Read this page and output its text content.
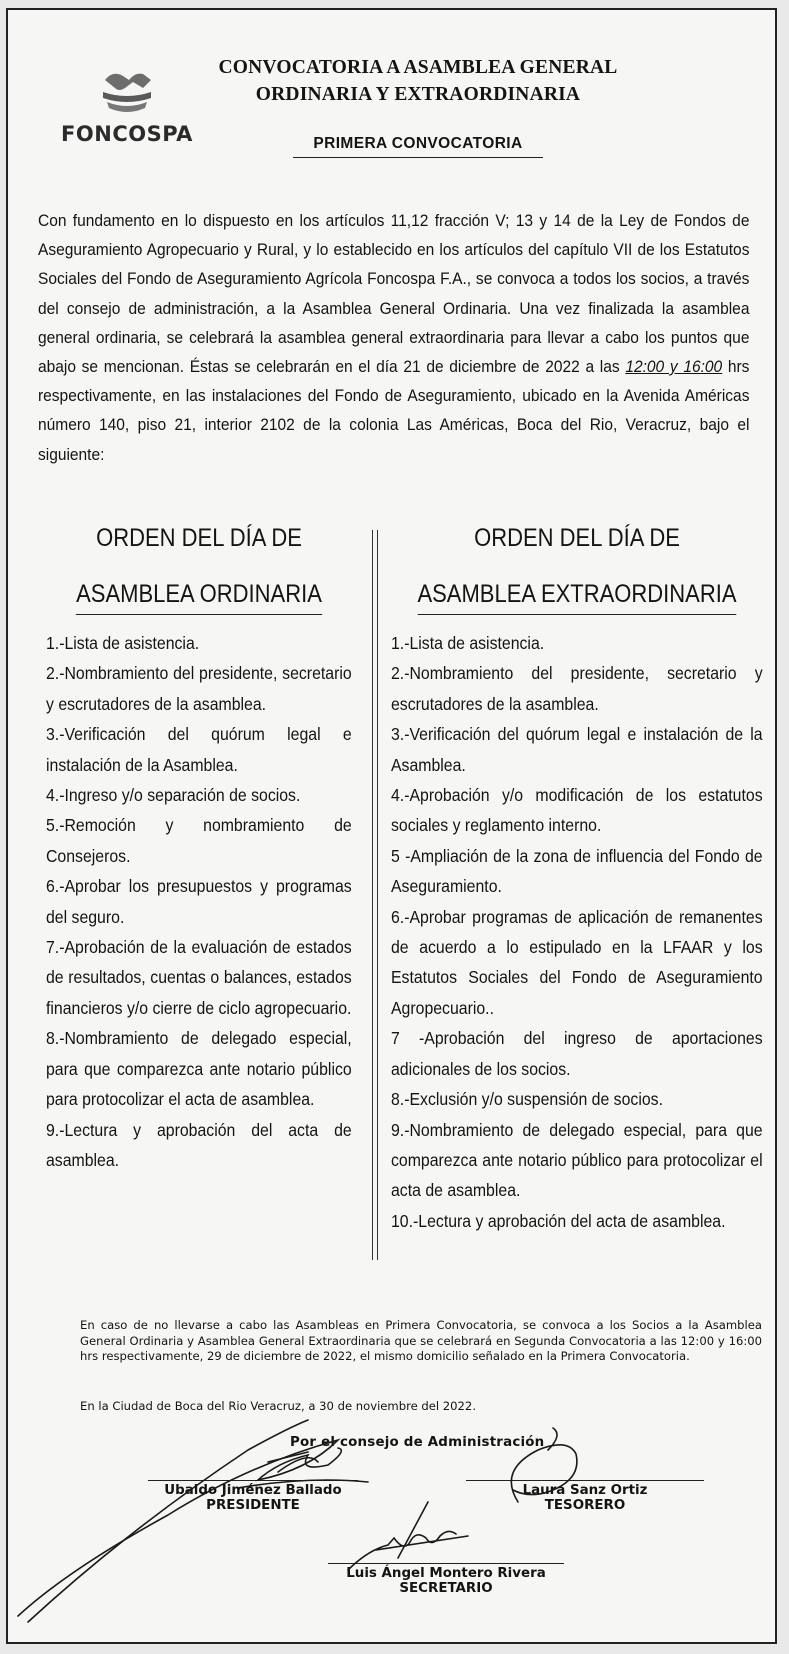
FONCOSPA
CONVOCATORIA A ASAMBLEA GENERAL
ORDINARIA Y EXTRAORDINARIA
PRIMERA CONVOCATORIA
Con fundamento en lo dispuesto en los artículos 11,12 fracción V; 13 y 14 de la Ley de Fondos de Aseguramiento Agropecuario y Rural, y lo establecido en los artículos del capítulo VII de los Estatutos Sociales del Fondo de Aseguramiento Agrícola Foncospa F.A., se convoca a todos los socios, a través del consejo de administración, a la Asamblea General Ordinaria. Una vez finalizada la asamblea general ordinaria, se celebrará la asamblea general extraordinaria para llevar a cabo los puntos que abajo se mencionan. Éstas se celebrarán en el día 21 de diciembre de 2022 a las 12:00 y 16:00 hrs respectivamente, en las instalaciones del Fondo de Aseguramiento, ubicado en la Avenida Américas número 140, piso 21, interior 2102 de la colonia Las Américas, Boca del Rio, Veracruz, bajo el siguiente:
ORDEN DEL DÍA DE
ASAMBLEA ORDINARIA
1.-Lista de asistencia.
2.-Nombramiento del presidente, secretario y escrutadores de la asamblea.
3.-Verificación del quórum legal e instalación de la Asamblea.
4.-Ingreso y/o separación de socios.
5.-Remoción y nombramiento de Consejeros.
6.-Aprobar los presupuestos y programas del seguro.
7.-Aprobación de la evaluación de estados de resultados, cuentas o balances, estados financieros y/o cierre de ciclo agropecuario.
8.-Nombramiento de delegado especial, para que comparezca ante notario público para protocolizar el acta de asamblea.
9.-Lectura y aprobación del acta de asamblea.
ORDEN DEL DÍA DE
ASAMBLEA EXTRAORDINARIA
1.-Lista de asistencia.
2.-Nombramiento del presidente, secretario y escrutadores de la asamblea.
3.-Verificación del quórum legal e instalación de la Asamblea.
4.-Aprobación y/o modificación de los estatutos sociales y reglamento interno.
5 -Ampliación de la zona de influencia del Fondo de Aseguramiento.
6.-Aprobar programas de aplicación de remanentes de acuerdo a lo estipulado en la LFAAR y los Estatutos Sociales del Fondo de Aseguramiento Agropecuario..
7 -Aprobación del ingreso de aportaciones adicionales de los socios.
8.-Exclusión y/o suspensión de socios.
9.-Nombramiento de delegado especial, para que comparezca ante notario público para protocolizar el acta de asamblea.
10.-Lectura y aprobación del acta de asamblea.
En caso de no llevarse a cabo las Asambleas en Primera Convocatoria, se convoca a los Socios a la Asamblea General Ordinaria y Asamblea General Extraordinaria que se celebrará en Segunda Convocatoria a las 12:00 y 16:00 hrs respectivamente, 29 de diciembre de 2022, el mismo domicilio señalado en la Primera Convocatoria.
En la Ciudad de Boca del Rio Veracruz, a 30 de noviembre del 2022.
Por el consejo de Administración
Ubaldo Jiménez Ballado
PRESIDENTE
Laura Sanz Ortiz
TESORERO
Luis Ángel Montero Rivera
SECRETARIO
